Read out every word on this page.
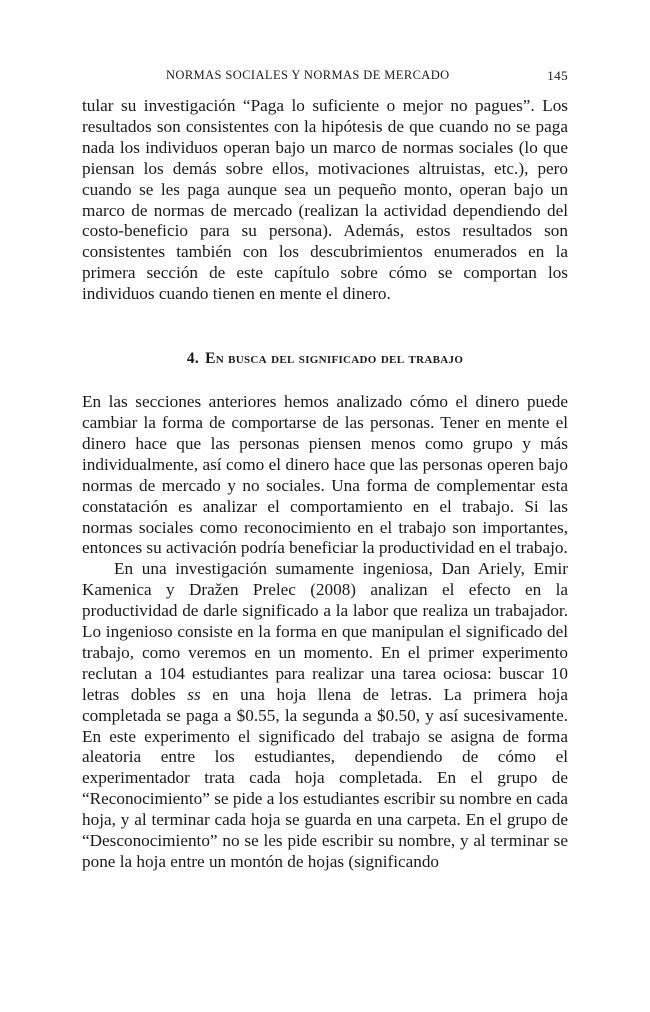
NORMAS SOCIALES Y NORMAS DE MERCADO	145

tular su investigación “Paga lo suficiente o mejor no pagues”. Los resultados son consistentes con la hipótesis de que cuando no se paga nada los individuos operan bajo un marco de normas sociales (lo que piensan los demás sobre ellos, motivaciones altruistas, etc.), pero cuando se les paga aunque sea un pequeño monto, operan bajo un marco de normas de mercado (realizan la actividad dependiendo del costo-beneficio para su persona). Además, estos resultados son consistentes también con los descubrimientos enumerados en la primera sección de este capítulo sobre cómo se comportan los individuos cuando tienen en mente el dinero.

4. En busca del significado del trabajo

En las secciones anteriores hemos analizado cómo el dinero puede cambiar la forma de comportarse de las personas. Tener en mente el dinero hace que las personas piensen menos como grupo y más individualmente, así como el dinero hace que las personas operen bajo normas de mercado y no sociales. Una forma de complementar esta constatación es analizar el comportamiento en el trabajo. Si las normas sociales como reconocimiento en el trabajo son importantes, entonces su activación podría beneficiar la productividad en el trabajo.

En una investigación sumamente ingeniosa, Dan Ariely, Emir Kamenica y Dražen Prelec (2008) analizan el efecto en la productividad de darle significado a la labor que realiza un trabajador. Lo ingenioso consiste en la forma en que manipulan el significado del trabajo, como veremos en un momento. En el primer experimento reclutan a 104 estudiantes para realizar una tarea ociosa: buscar 10 letras dobles ss en una hoja llena de letras. La primera hoja completada se paga a $0.55, la segunda a $0.50, y así sucesivamente. En este experimento el significado del trabajo se asigna de forma aleatoria entre los estudiantes, dependiendo de cómo el experimentador trata cada hoja completada. En el grupo de “Reconocimiento” se pide a los estudiantes escribir su nombre en cada hoja, y al terminar cada hoja se guarda en una carpeta. En el grupo de “Desconocimiento” no se les pide escribir su nombre, y al terminar se pone la hoja entre un montón de hojas (significando
